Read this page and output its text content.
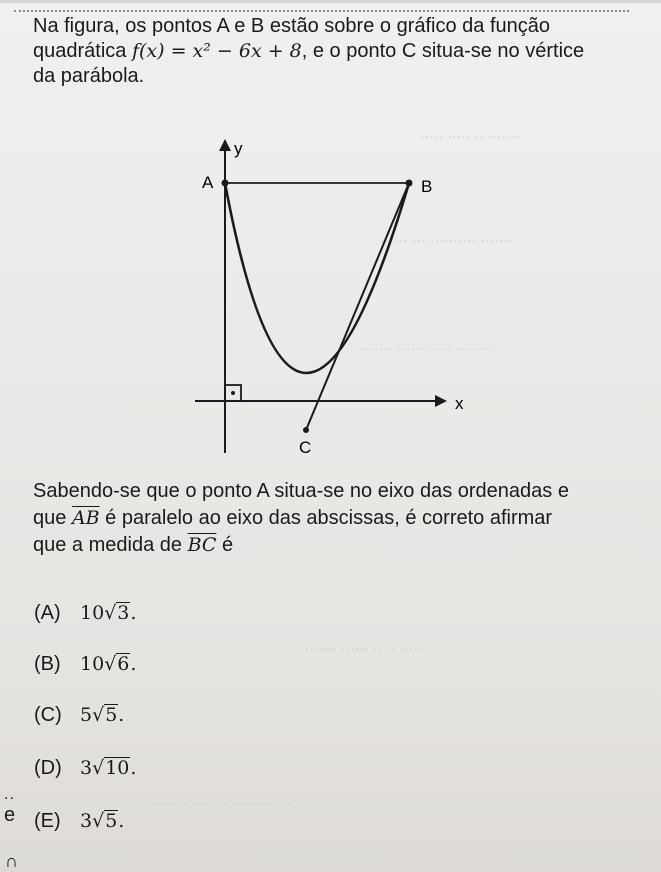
····· ····· ·· ·······
······ ··· ·········· ·······
······· ······· ···· ········
········ ······ ·· ·· ·····
········ ····· ·· ········· ···
Na figura, os pontos A e B estão sobre o gráfico da função
quadrática f(x) = x² − 6x + 8, e o ponto C situa-se no vértice
da parábola.
y
x
A	B
C
Sabendo-se que o ponto A situa-se no eixo das ordenadas e
que $\overline{AB}$ é paralelo ao eixo das abscissas, é correto afirmar
que a medida de $\overline{BC}$ é
(A) 10√3.
(B) 10√6.
(C) 5√5.
(D) 3√10.
(E) 3√5.
..
e
∩
